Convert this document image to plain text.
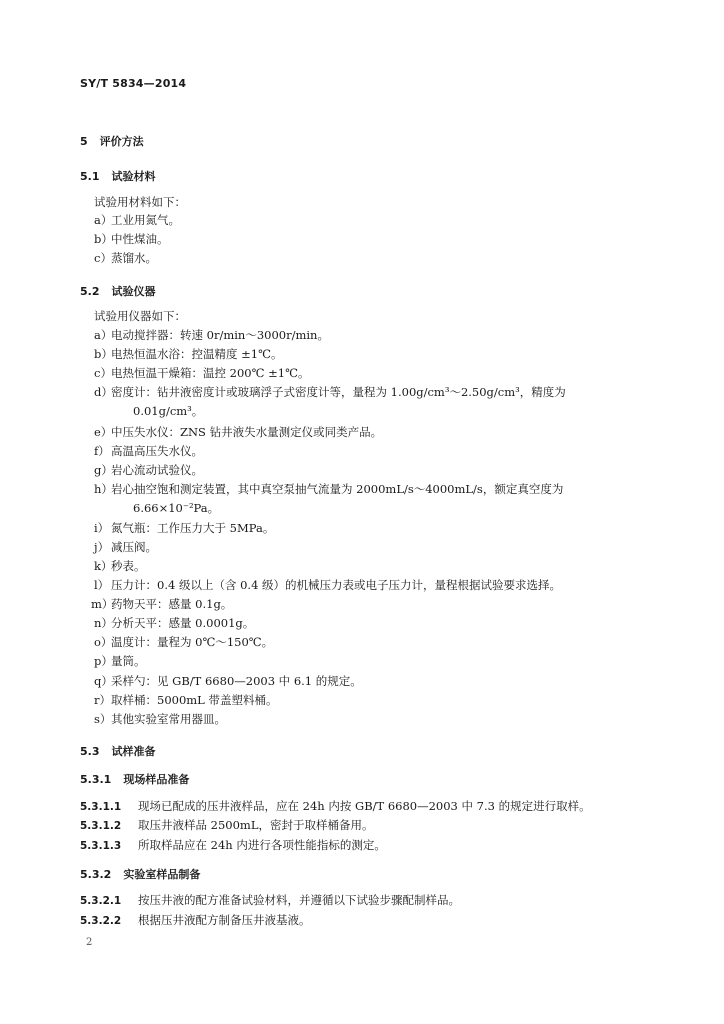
SY/T 5834—2014
5 评价方法
5.1 试验材料
试验用材料如下：
a）
工业用氮气。
b）
中性煤油。
c） 蒸馏水。
5.2 试验仪器
试验用仪器如下：
a）
电动搅拌器：转速 0r/min～3000r/min。
b）
电热恒温水浴：控温精度 ±1℃。
c） 电热恒温干燥箱：温控 200℃ ±1℃。
d）
密度计：钻井液密度计或玻璃浮子式密度计等，量程为 1.00g/cm³～2.50g/cm³，精度为
0.01g/cm³。
e）
中压失水仪：ZNS 钻井液失水量测定仪或同类产品。
f） 高温高压失水仪。
g）
岩心流动试验仪。
h）
岩心抽空饱和测定装置，其中真空泵抽气流量为 2000mL/s～4000mL/s，额定真空度为
6.66×10⁻²Pa。
i） 氮气瓶：工作压力大于 5MPa。
j） 减压阀。
k）
秒表。
l） 压力计：0.4 级以上（含 0.4 级）的机械压力表或电子压力计，量程根据试验要求选择。
m）
药物天平：感量 0.1g。
n）
分析天平：感量 0.0001g。
o）
温度计：量程为 0℃～150℃。
p）
量筒。
q）
采样勺：见 GB/T 6680—2003 中 6.1 的规定。
r） 取样桶：5000mL 带盖塑料桶。
s） 其他实验室常用器皿。
5.3 试样准备
5.3.1 现场样品准备
5.3.1.1 现场已配成的压井液样品，应在 24h 内按 GB/T 6680—2003 中 7.3 的规定进行取样。
5.3.1.2 取压井液样品 2500mL，密封于取样桶备用。
5.3.1.3 所取样品应在 24h 内进行各项性能指标的测定。
5.3.2 实验室样品制备
5.3.2.1 按压井液的配方准备试验材料，并遵循以下试验步骤配制样品。
5.3.2.2 根据压井液配方制备压井液基液。
2
